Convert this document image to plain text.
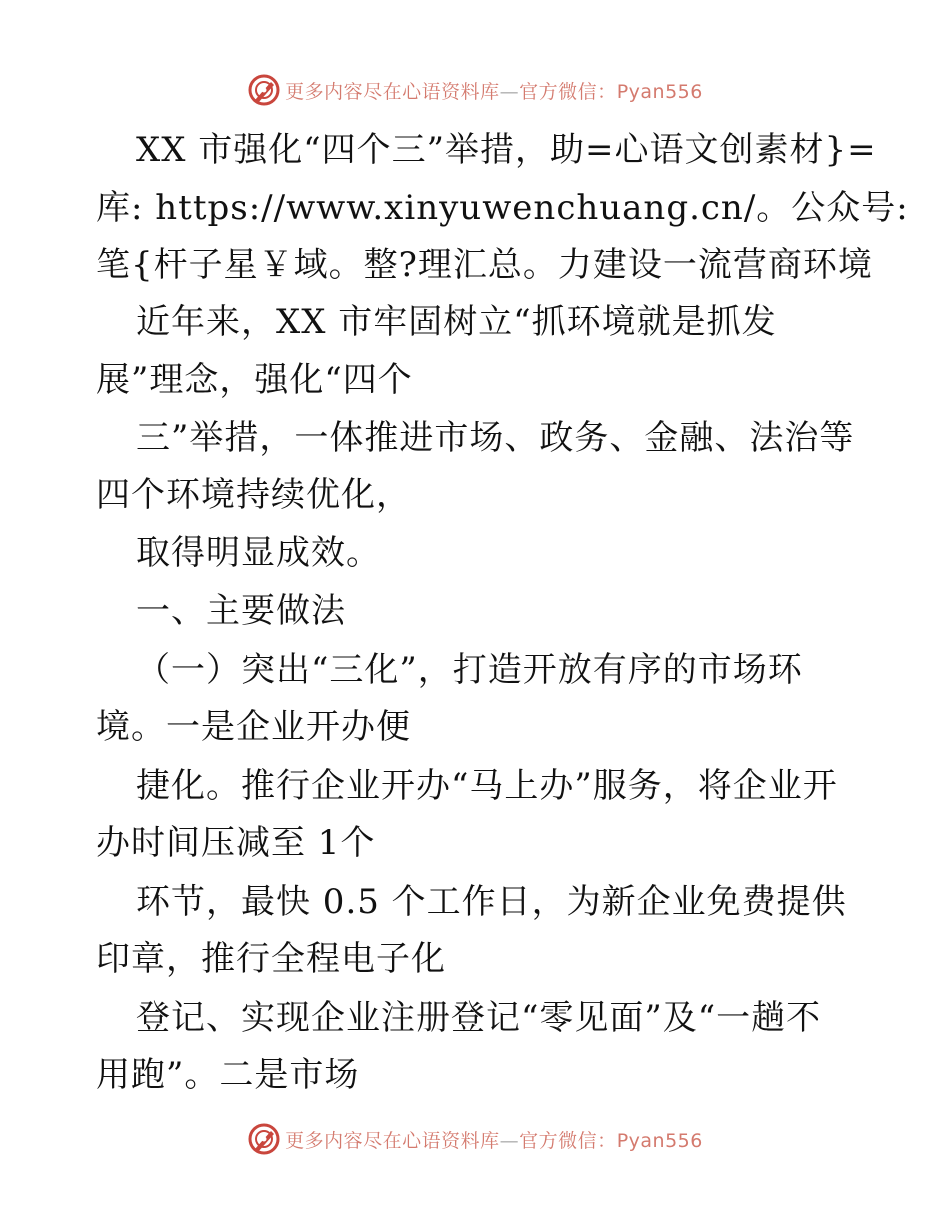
更多内容尽在心语资料库—官方微信：Pyan556
XX 市强化“四个三”举措，助=心语文创素材}=
库: https://www.xinyuwenchuang.cn/。公众号:
笔{杆子星￥域。整?理汇总。力建设一流营商环境
近年来，XX 市牢固树立“抓环境就是抓发
展”理念，强化“四个
三”举措，一体推进市场、政务、金融、法治等
四个环境持续优化，
取得明显成效。
一、主要做法
（一）突出“三化”，打造开放有序的市场环
境。一是企业开办便
捷化。推行企业开办“马上办”服务，将企业开
办时间压减至 1个
环节，最快 0.5 个工作日，为新企业免费提供
印章，推行全程电子化
登记、实现企业注册登记“零见面”及“一趟不
用跑”。二是市场
更多内容尽在心语资料库—官方微信：Pyan556
